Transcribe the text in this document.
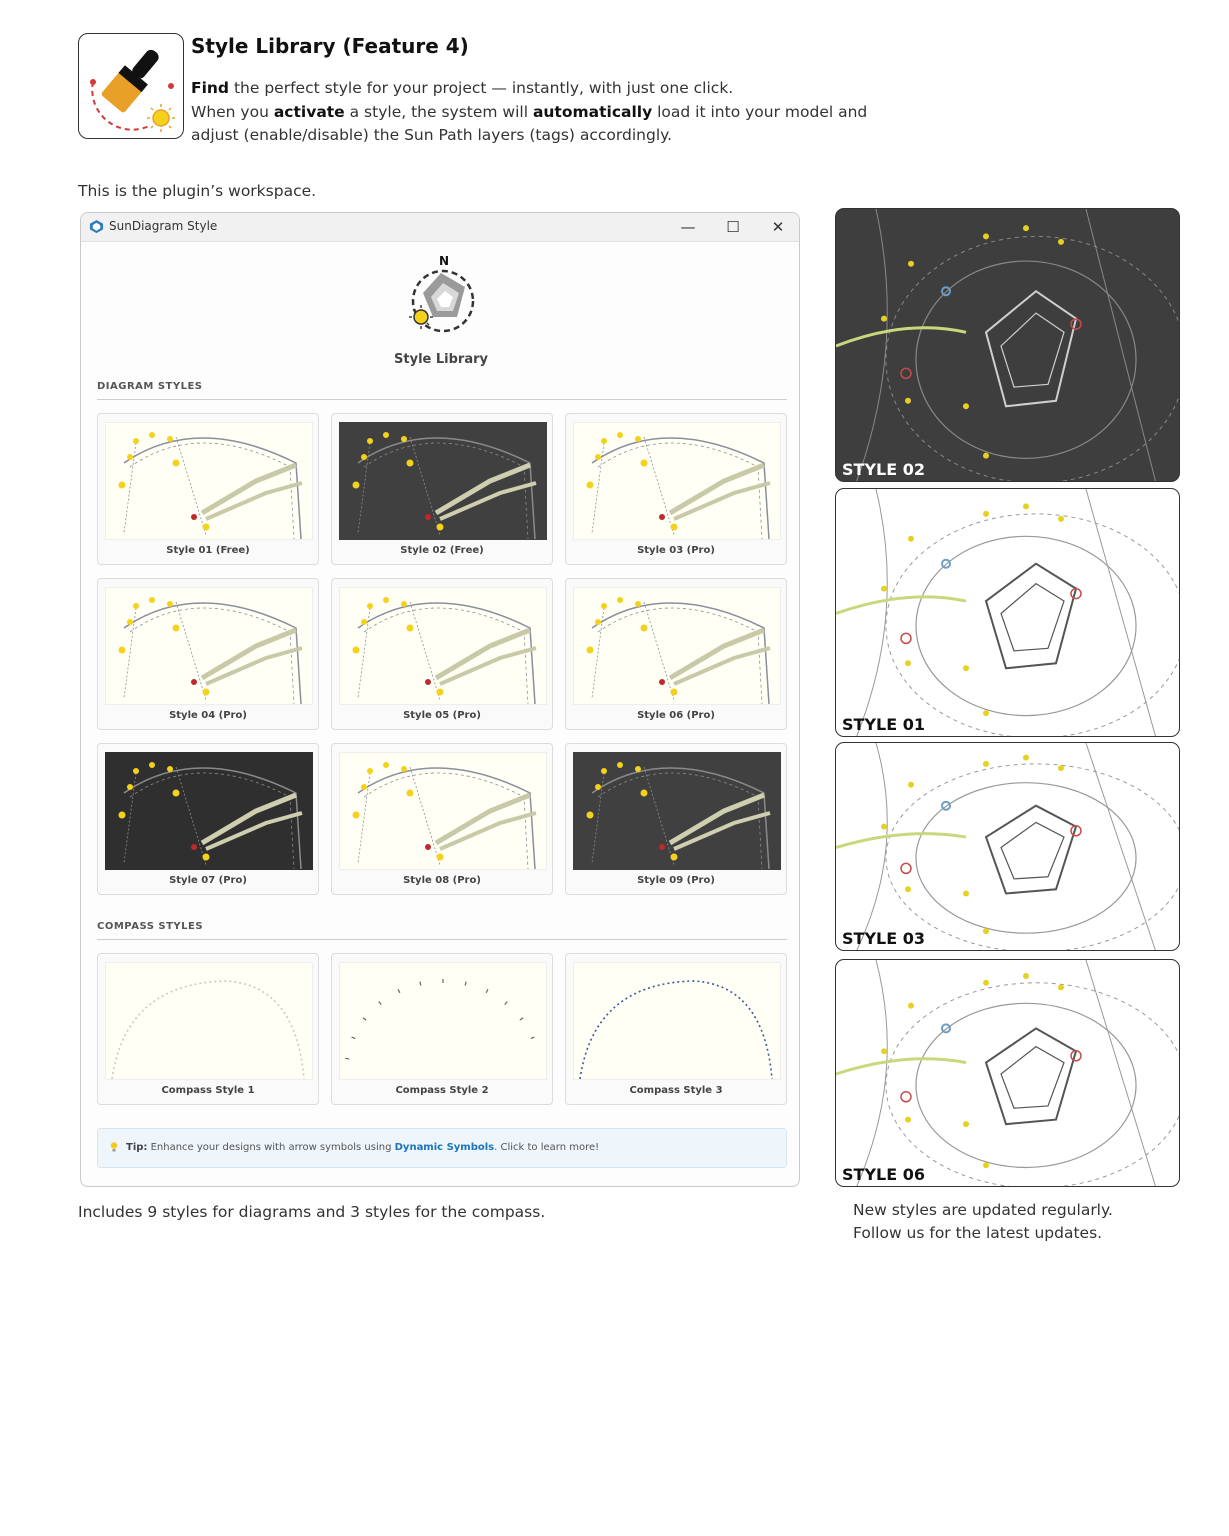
Style Library (Feature 4)
Find the perfect style for your project — instantly, with just one click.
When you activate a style, the system will automatically load it into your model and
adjust (enable/disable) the Sun Path layers (tags) accordingly.
This is the plugin’s workspace.
SunDiagram Style	—	☐	✕
N
Style Library
DIAGRAM STYLES
Style 01 (Free)	Style 02 (Free)	Style 03 (Pro)
Style 04 (Pro)	Style 05 (Pro)	Style 06 (Pro)
Style 07 (Pro)	Style 08 (Pro)	Style 09 (Pro)
COMPASS STYLES
Compass Style 1	Compass Style 2	Compass Style 3
Tip: Enhance your designs with arrow symbols using Dynamic Symbols. Click to learn more!
Includes 9 styles for diagrams and 3 styles for the compass.	New styles are updated regularly.
Follow us for the latest updates.
STYLE 02
STYLE 01
STYLE 03
STYLE 06
